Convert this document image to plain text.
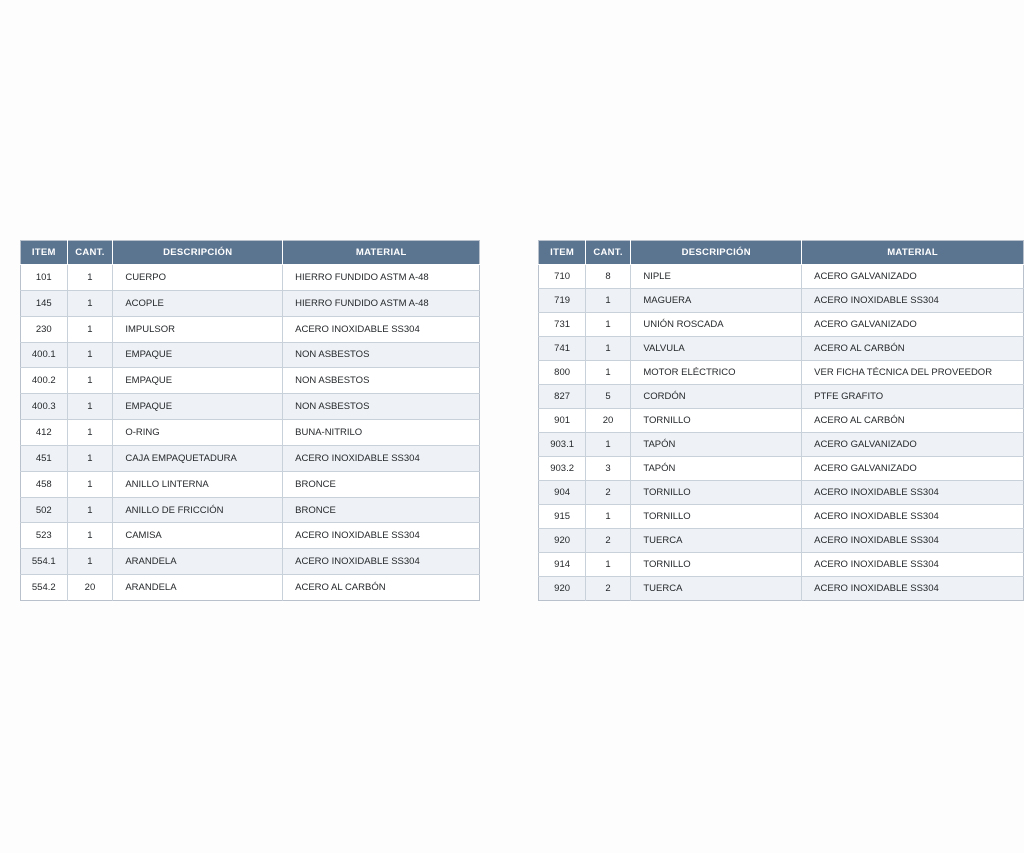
ITEM	CANT.	DESCRIPCIÓN	MATERIAL
101	1	CUERPO	HIERRO FUNDIDO ASTM A-48
145	1	ACOPLE	HIERRO FUNDIDO ASTM A-48
230	1	IMPULSOR	ACERO INOXIDABLE SS304
400.1	1	EMPAQUE	NON ASBESTOS
400.2	1	EMPAQUE	NON ASBESTOS
400.3	1	EMPAQUE	NON ASBESTOS
412	1	O-RING	BUNA-NITRILO
451	1	CAJA EMPAQUETADURA	ACERO INOXIDABLE SS304
458	1	ANILLO LINTERNA	BRONCE
502	1	ANILLO DE FRICCIÓN	BRONCE
523	1	CAMISA	ACERO INOXIDABLE SS304
554.1	1	ARANDELA	ACERO INOXIDABLE SS304
554.2	20	ARANDELA	ACERO AL CARBÓN
ITEM	CANT.	DESCRIPCIÓN	MATERIAL
710	8	NIPLE	ACERO GALVANIZADO
719	1	MAGUERA	ACERO INOXIDABLE SS304
731	1	UNIÓN ROSCADA	ACERO GALVANIZADO
741	1	VALVULA	ACERO AL CARBÓN
800	1	MOTOR ELÉCTRICO	VER FICHA TÉCNICA DEL PROVEEDOR
827	5	CORDÓN	PTFE GRAFITO
901	20	TORNILLO	ACERO AL CARBÓN
903.1	1	TAPÓN	ACERO GALVANIZADO
903.2	3	TAPÓN	ACERO GALVANIZADO
904	2	TORNILLO	ACERO INOXIDABLE SS304
915	1	TORNILLO	ACERO INOXIDABLE SS304
920	2	TUERCA	ACERO INOXIDABLE SS304
914	1	TORNILLO	ACERO INOXIDABLE SS304
920	2	TUERCA	ACERO INOXIDABLE SS304
